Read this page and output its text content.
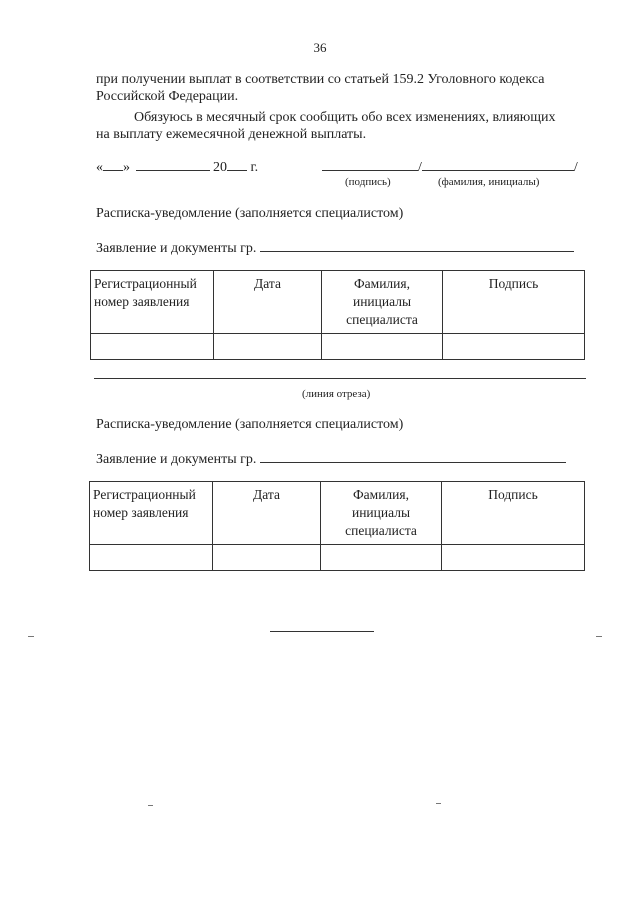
36
при получении выплат в соответствии со статьей 159.2 Уголовного кодекса
Российской Федерации.
Обязуюсь в месячный срок сообщить обо всех изменениях, влияющих
на выплату ежемесячной денежной выплаты.
« »	20 г.	/	/
(подпись)	(фамилия, инициалы)
Расписка-уведомление (заполняется специалистом)
Заявление и документы гр.
Регистрационный номер заявления	Дата	Фамилия, инициалы специалиста	Подпись

(линия отреза)
Расписка-уведомление (заполняется специалистом)
Заявление и документы гр.
Регистрационный номер заявления	Дата	Фамилия, инициалы специалиста	Подпись
